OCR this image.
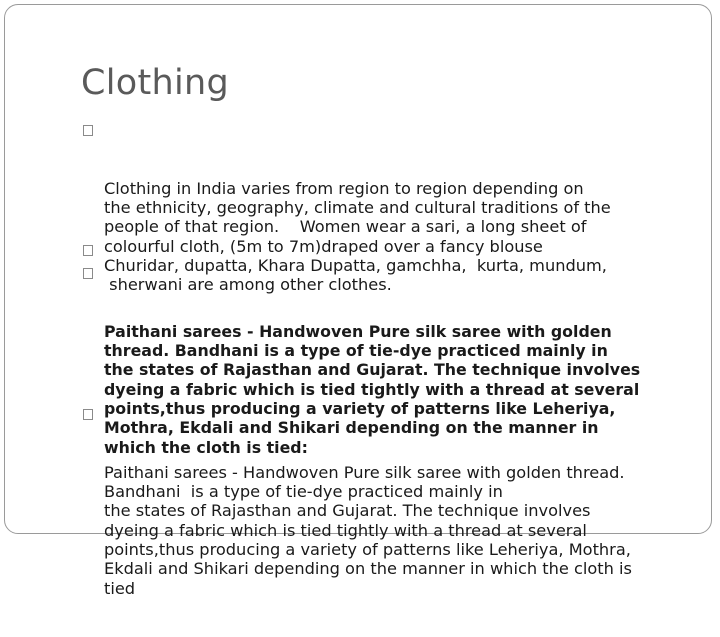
Clothing

Clothing in India varies from region to region depending on
the ethnicity, geography, climate and cultural traditions of the
people of that region.    Women wear a sari, a long sheet of
colourful cloth, (5m to 7m)draped over a fancy blouse
Churidar, dupatta, Khara Dupatta, gamchha,  kurta, mundum,
sherwani are among other clothes.

Paithani sarees - Handwoven Pure silk saree with golden
thread. Bandhani is a type of tie-dye practiced mainly in
the states of Rajasthan and Gujarat. The technique involves
dyeing a fabric which is tied tightly with a thread at several
points,thus producing a variety of patterns like Leheriya,
Mothra, Ekdali and Shikari depending on the manner in
which the cloth is tied:

Paithani sarees - Handwoven Pure silk saree with golden thread.
Bandhani  is a type of tie-dye practiced mainly in
the states of Rajasthan and Gujarat. The technique involves
dyeing a fabric which is tied tightly with a thread at several
points,thus producing a variety of patterns like Leheriya, Mothra,
Ekdali and Shikari depending on the manner in which the cloth is
tied
